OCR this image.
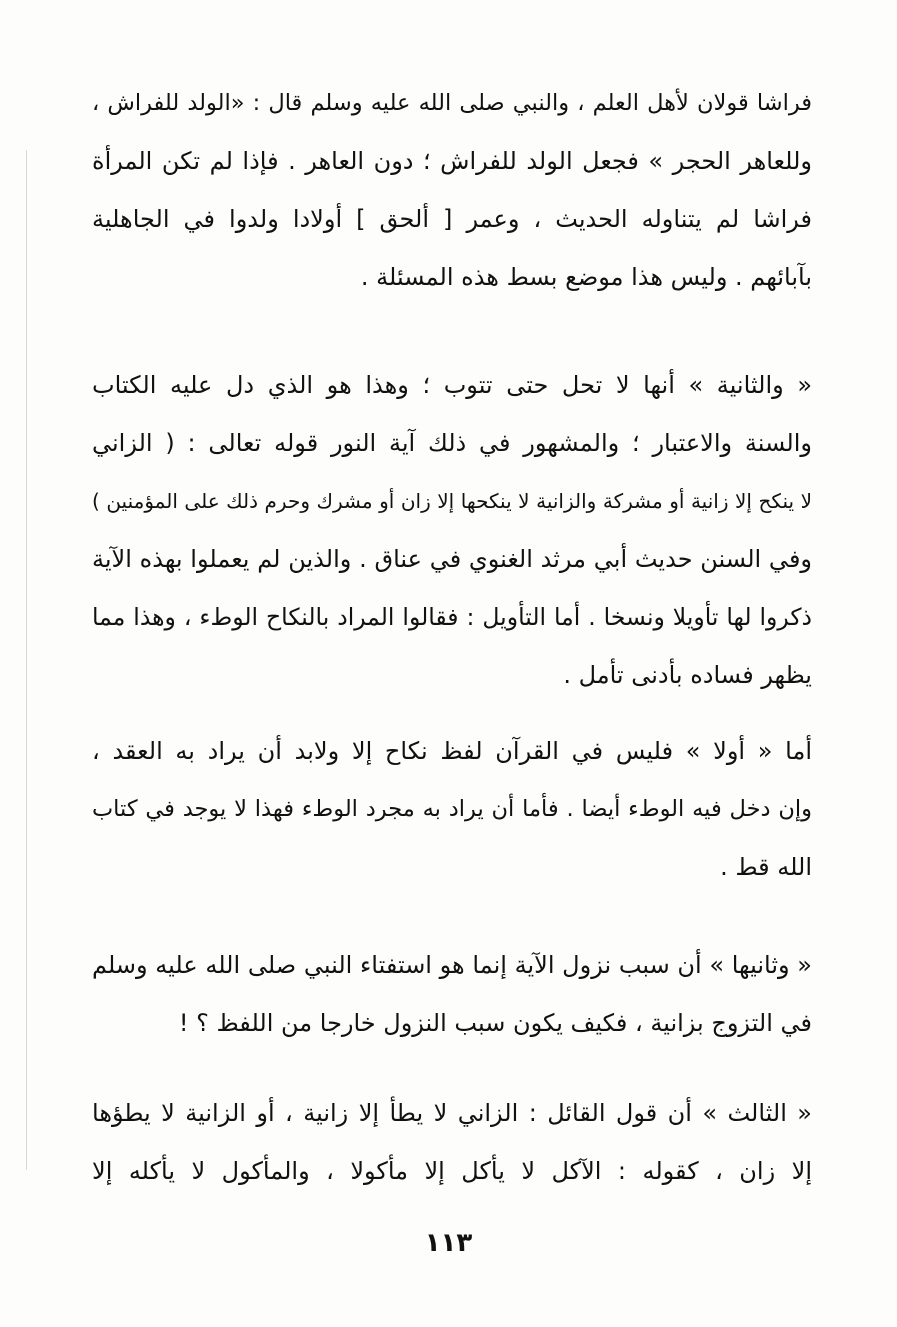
فراشا قولان لأهل العلم ، والنبي صلى الله عليه وسلم قال : «الولد للفراش ،
وللعاهر الحجر » فجعل الولد للفراش ؛ دون العاهر . فإذا لم تكن المرأة
فراشا لم يتناوله الحديث ، وعمر [ ألحق ] أولادا ولدوا في الجاهلية
بآبائهم . وليس هذا موضع بسط هذه المسئلة .
« والثانية » أنها لا تحل حتى تتوب ؛ وهذا هو الذي دل عليه الكتاب
والسنة والاعتبار ؛ والمشهور في ذلك آية النور قوله تعالى : ( الزاني
لا ينكح إلا زانية أو مشركة والزانية لا ينكحها إلا زان أو مشرك وحرم ذلك على المؤمنين )
وفي السنن حديث أبي مرثد الغنوي في عناق . والذين لم يعملوا بهذه الآية
ذكروا لها تأويلا ونسخا . أما التأويل : فقالوا المراد بالنكاح الوطء ، وهذا مما
يظهر فساده بأدنى تأمل .
أما « أولا » فليس في القرآن لفظ نكاح إلا ولابد أن يراد به العقد ،
وإن دخل فيه الوطء أيضا . فأما أن يراد به مجرد الوطء فهذا لا يوجد في كتاب
الله قط .
« وثانيها » أن سبب نزول الآية إنما هو استفتاء النبي صلى الله عليه وسلم
في التزوج بزانية ، فكيف يكون سبب النزول خارجا من اللفظ ؟ !
« الثالث » أن قول القائل : الزاني لا يطأ إلا زانية ، أو الزانية لا يطؤها
إلا زان ، كقوله : الآكل لا يأكل إلا مأكولا ، والمأكول لا يأكله إلا
١١٣
